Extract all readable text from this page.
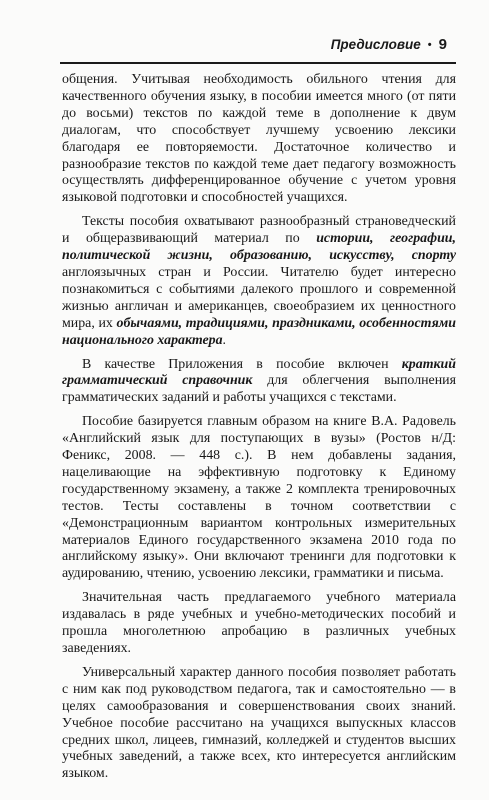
Предисловие • 9

общения. Учитывая необходимость обильного чтения для качественного обучения языку, в пособии имеется много (от пяти до восьми) текстов по каждой теме в дополнение к двум диалогам, что способствует лучшему усвоению лексики благодаря ее повторяемости. Достаточное количество и разнообразие текстов по каждой теме дает педагогу возможность осуществлять дифференцированное обучение с учетом уровня языковой подготовки и способностей учащихся.

Тексты пособия охватывают разнообразный страноведческий и общеразвивающий материал по истории, географии, политической жизни, образованию, искусству, спорту англоязычных стран и России. Читателю будет интересно познакомиться с событиями далекого прошлого и современной жизнью англичан и американцев, своеобразием их ценностного мира, их обычаями, традициями, праздниками, особенностями национального характера.

В качестве Приложения в пособие включен краткий грамматический справочник для облегчения выполнения грамматических заданий и работы учащихся с текстами.

Пособие базируется главным образом на книге В.А. Радовель «Английский язык для поступающих в вузы» (Ростов н/Д: Феникс, 2008. — 448 с.). В нем добавлены задания, нацеливающие на эффективную подготовку к Единому государственному экзамену, а также 2 комплекта тренировочных тестов. Тесты составлены в точном соответствии с «Демонстрационным вариантом контрольных измерительных материалов Единого государственного экзамена 2010 года по английскому языку». Они включают тренинги для подготовки к аудированию, чтению, усвоению лексики, грамматики и письма.

Значительная часть предлагаемого учебного материала издавалась в ряде учебных и учебно-методических пособий и прошла многолетнюю апробацию в различных учебных заведениях.

Универсальный характер данного пособия позволяет работать с ним как под руководством педагога, так и самостоятельно — в целях самообразования и совершенствования своих знаний. Учебное пособие рассчитано на учащихся выпускных классов средних школ, лицеев, гимназий, колледжей и студентов высших учебных заведений, а также всех, кто интересуется английским языком.
